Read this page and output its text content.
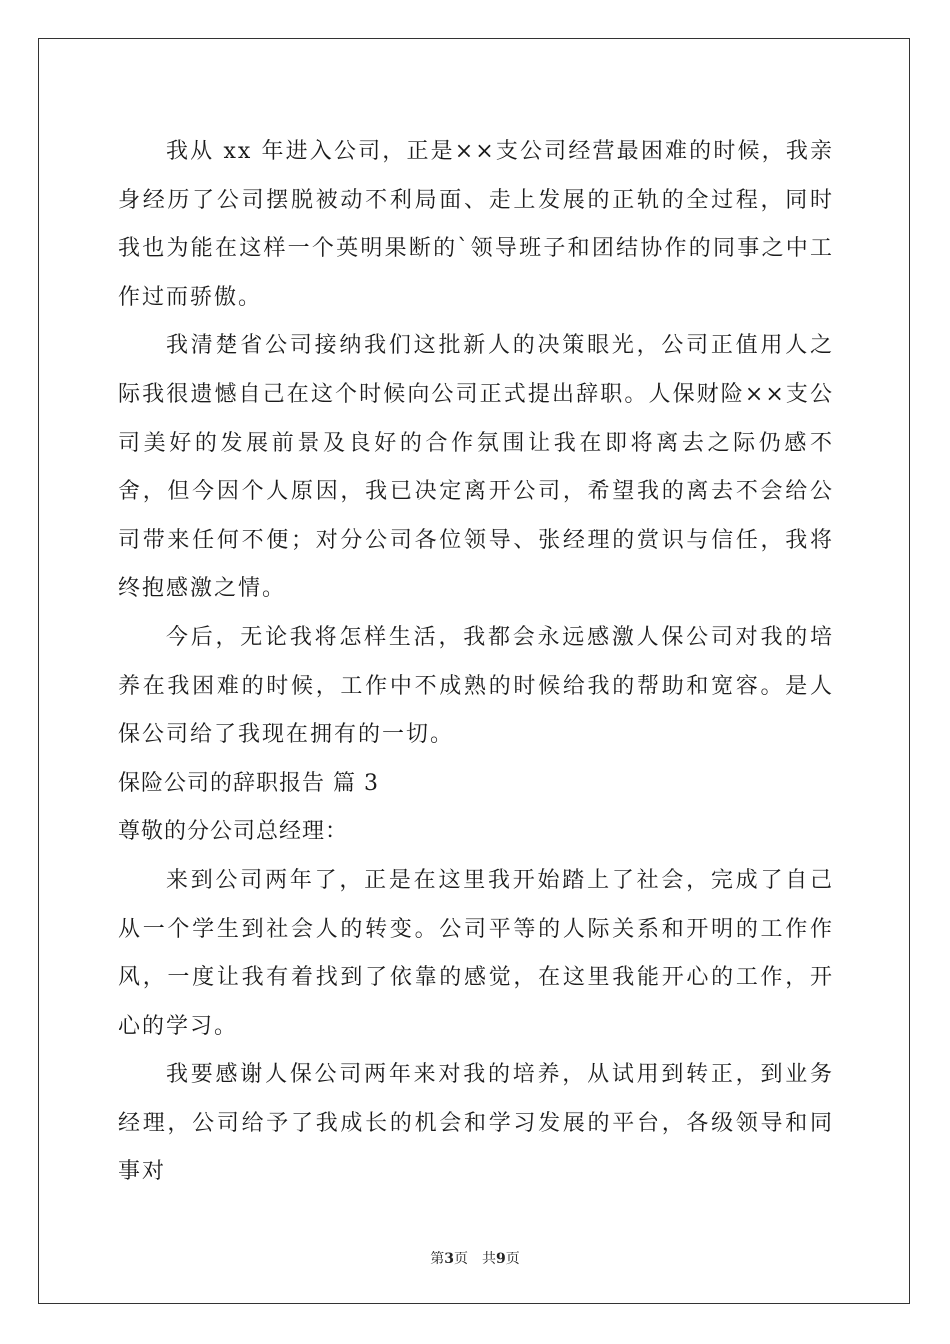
我从 xx 年进入公司，正是××支公司经营最困难的时候，我亲身经历了公司摆脱被动不利局面、走上发展的正轨的全过程，同时我也为能在这样一个英明果断的`领导班子和团结协作的同事之中工作过而骄傲。

我清楚省公司接纳我们这批新人的决策眼光，公司正值用人之际我很遗憾自己在这个时候向公司正式提出辞职。人保财险××支公司美好的发展前景及良好的合作氛围让我在即将离去之际仍感不舍，但今因个人原因，我已决定离开公司，希望我的离去不会给公司带来任何不便；对分公司各位领导、张经理的赏识与信任，我将终抱感激之情。

今后，无论我将怎样生活，我都会永远感激人保公司对我的培养在我困难的时候，工作中不成熟的时候给我的帮助和宽容。是人保公司给了我现在拥有的一切。

保险公司的辞职报告 篇 3

尊敬的分公司总经理：

来到公司两年了，正是在这里我开始踏上了社会，完成了自己从一个学生到社会人的转变。公司平等的人际关系和开明的工作作风，一度让我有着找到了依靠的感觉，在这里我能开心的工作，开心的学习。

我要感谢人保公司两年来对我的培养，从试用到转正，到业务经理，公司给予了我成长的机会和学习发展的平台，各级领导和同事对

第3页 共9页
